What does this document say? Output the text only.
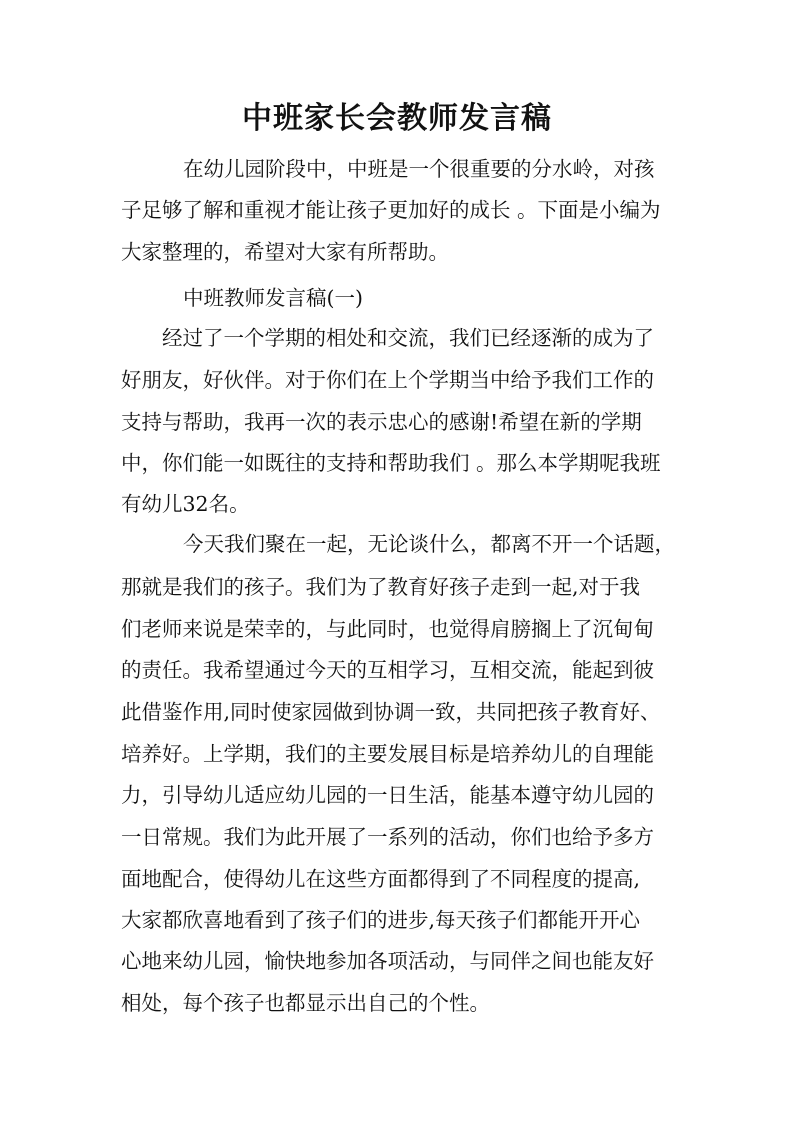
中班家长会教师发言稿

在幼儿园阶段中，中班是一个很重要的分水岭，对孩

子足够了解和重视才能让孩子更加好的成长 。下面是小编为

大家整理的，希望对大家有所帮助。

中班教师发言稿(一)

经过了一个学期的相处和交流，我们已经逐渐的成为了

好朋友，好伙伴。对于你们在上个学期当中给予我们工作的

支持与帮助，我再一次的表示忠心的感谢!希望在新的学期

中，你们能一如既往的支持和帮助我们 。那么本学期呢我班

有幼儿32名。

今天我们聚在一起，无论谈什么，都离不开一个话题，

那就是我们的孩子。我们为了教育好孩子走到一起,对于我

们老师来说是荣幸的，与此同时，也觉得肩膀搁上了沉甸甸

的责任。我希望通过今天的互相学习，互相交流，能起到彼

此借鉴作用,同时使家园做到协调一致，共同把孩子教育好、

培养好。上学期，我们的主要发展目标是培养幼儿的自理能

力，引导幼儿适应幼儿园的一日生活，能基本遵守幼儿园的

一日常规。我们为此开展了一系列的活动，你们也给予多方

面地配合，使得幼儿在这些方面都得到了不同程度的提高,

大家都欣喜地看到了孩子们的进步,每天孩子们都能开开心

心地来幼儿园，愉快地参加各项活动，与同伴之间也能友好

相处，每个孩子也都显示出自己的个性。
